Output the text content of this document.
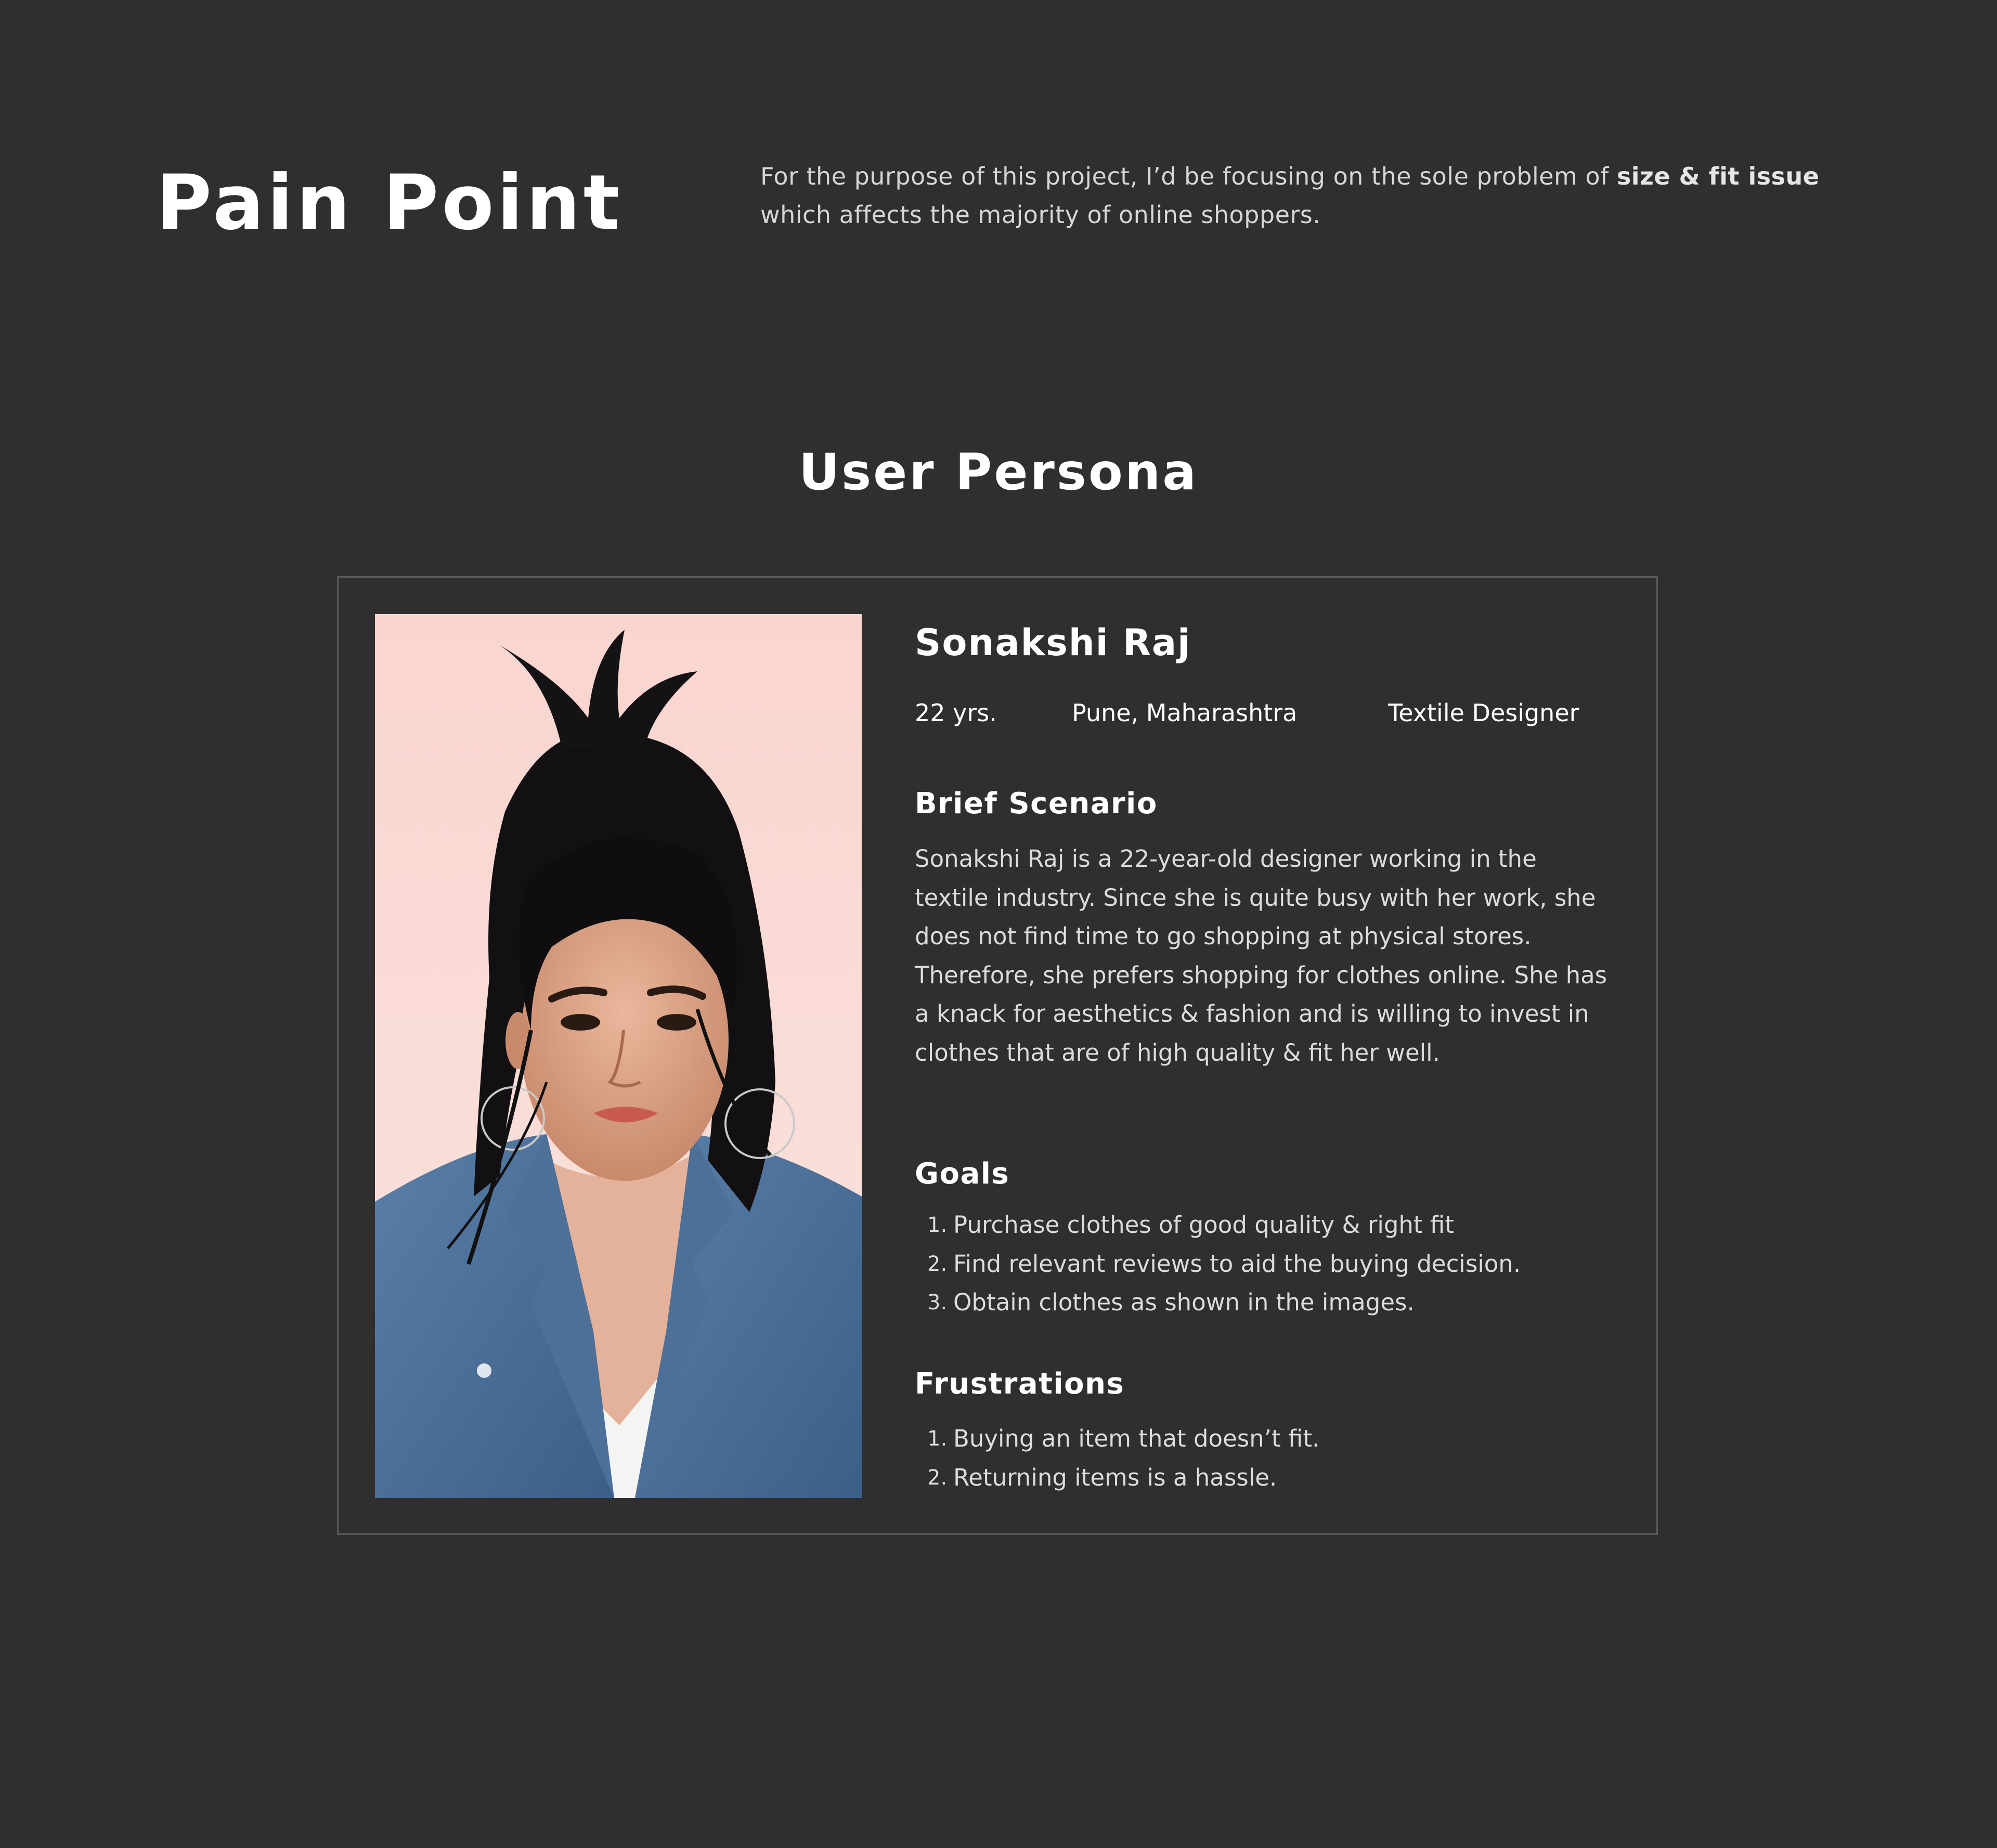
Pain Point	For the purpose of this project, I’d be focusing on the sole problem of size & fit issue which affects the majority of online shoppers.

User Persona
Sonakshi Raj
22 yrs.	Pune, Maharashtra	Textile Designer
Brief Scenario

Sonakshi Raj is a 22-year-old designer working in the textile industry. Since she is quite busy with her work, she does not find time to go shopping at physical stores. Therefore, she prefers shopping for clothes online. She has a knack for aesthetics & fashion and is willing to invest in clothes that are of high quality & fit her well.

Goals
1. Purchase clothes of good quality & right fit
2. Find relevant reviews to aid the buying decision.
3. Obtain clothes as shown in the images.
Frustrations
1. Buying an item that doesn’t fit.
2. Returning items is a hassle.
